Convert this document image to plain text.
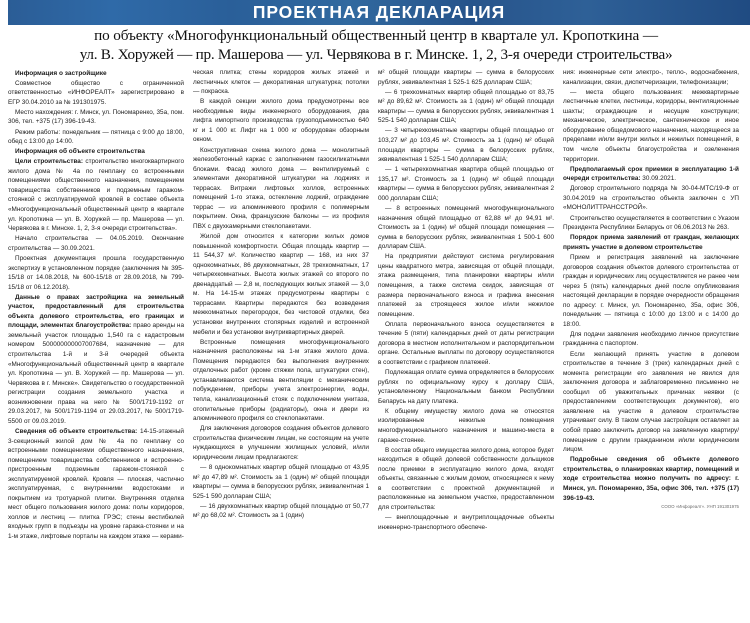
ПРОЕКТНАЯ ДЕКЛАРАЦИЯ
по объекту «Многофункциональный общественный центр в квартале ул. Кропоткина —
ул. В. Хоружей — пр. Машерова — ул. Червякова в г. Минске. 1, 2, 3-я очереди строительства»
Информация о застройщике

Совместное общество с ограниченной ответственностью «ИНФОРЕАЛТ» зарегистрировано в ЕГР 30.04.2010 за № 191301975.

Место нахождения: г. Минск, ул. Пономаренко, 35а, пом. 306, тел. +375 (17) 396-19-43.

Режим работы: понедельник — пятница с 9:00 до 18:00, обед с 13:00 до 14:00.

Информация об объекте строительства

Цели строительства: строительство многоквартирного жилого дома № 4а по генплану со встроенными помещениями общественного назначения, помещением товарищества собственников и подземным гаражом-стоянкой с эксплуатируемой кровлей в составе объекта «Многофункциональный общественный центр в квартале ул. Кропоткина — ул. В. Хоружей — пр. Машерова — ул. Червякова в г. Минске. 1, 2, 3-я очереди строительства».

Начало строительства — 04.05.2019. Окончание строительства — 30.09.2021.

Проектная документация прошла государственную экспертизу в установленном порядке (заключения № 395-15/18 от 14.08.2018, № 600-15/18 от 28.09.2018, № 799-15/18 от 06.12.2018).

Данные о правах застройщика на земельный участок, предоставленный для строительства объекта долевого строительства, его границах и площади, элементах благоустройства: право аренды на земельный участок площадью 1,540 га с кадастровым номером 500000000007007684, назначение — для строительства 1-й и 3-й очередей объекта «Многофункциональный общественный центр в квартале ул. Кропоткина — ул. В. Хоружей — пр. Машерова — ул. Червякова в г. Минске». Свидетельство о государственной регистрации создания земельного участка и возникновении права на него № 500/1719-1192 от 29.03.2017, № 500/1719-1194 от 29.03.2017, № 500/1719-5500 от 09.03.2019.

Сведения об объекте строительства: 14-15-этажный 3-секционный жилой дом № 4а по генплану со встроенными помещениями общественного назначения, помещением товарищества собственников и встроенно-пристроенным подземным гаражом-стоянкой с эксплуатируемой кровлей. Кровля — плоская, частично эксплуатируемая, с внутренними водостоками и покрытием из тротуарной плитки. Внутренняя отделка мест общего пользования жилого дома: полы коридоров, холлов и лестниц — плитка ГРЭС; стены вестибюлей входных групп в подъезды на уровне гаража-стоянки и на 1-м этаже, лифтовые порталы на каждом этаже — керами-

ческая плитка; стены коридоров жилых этажей и лестничных клеток — декоративная штукатурка; потолки — покраска.

В каждой секции жилого дома предусмотрены все необходимые виды инженерного оборудования, два лифта импортного производства грузоподъемностью 640 кг и 1 000 кг. Лифт на 1 000 кг оборудован обзорным окном.

Конструктивная схема жилого дома — монолитный железобетонный каркас с заполнением газосиликатными блоками. Фасад жилого дома — вентилируемый с элементами декоративной штукатурки на лоджиях и террасах. Витражи лифтовых холлов, встроенных помещений 1-го этажа, остекление лоджий, ограждение террас — из алюминиевого профиля с полимерным покрытием. Окна, французские балконы — из профиля ПВХ с двухкамерными стеклопакетами.

Жилой дом относится к категории жилых домов повышенной комфортности. Общая площадь квартир — 11 544,37 м². Количество квартир — 168, из них 37 однокомнатных, 86 двухкомнатных, 28 трехкомнатных, 17 четырехкомнатных. Высота жилых этажей со второго по двенадцатый — 2,8 м, последующих жилых этажей — 3,0 м. На 14-15-м этажах предусмотрены квартиры с террасами. Квартиры передаются без возведения межкомнатных перегородок, без чистовой отделки, без установки внутренних столярных изделий и встроенной мебели и без установки внутриквартирных дверей.

Встроенные помещения многофункционального назначения расположены на 1-м этаже жилого дома. Помещения передаются без выполнения внутренних отделочных работ (кроме стяжки пола, штукатурки стен), устанавливаются система вентиляции с механическим побуждением, приборы учета электроэнергии, воды, тепла, канализационный стояк с подключением унитаза, отопительные приборы (радиаторы), окна и двери из алюминиевого профиля со стеклопакетами.

Для заключения договоров создания объектов долевого строительства физическим лицам, не состоящим на учете нуждающихся в улучшении жилищных условий, и/или юридическим лицам предлагаются:

— 8 однокомнатных квартир общей площадью от 43,95 м² до 47,89 м². Стоимость за 1 (один) м² общей площади квартиры — сумма в белорусских рублях, эквивалентная 1 525-1 590 долларам США;

— 16 двухкомнатных квартир общей площадью от 50,77 м² до 68,02 м². Стоимость за 1 (один)

м² общей площади квартиры — сумма в белорусских рублях, эквивалентная 1 525-1 625 долларам США;

— 6 трехкомнатных квартир общей площадью от 83,75 м² до 89,62 м². Стоимость за 1 (один) м² общей площади квартиры — сумма в белорусских рублях, эквивалентная 1 525-1 540 долларам США;

— 3 четырехкомнатные квартиры общей площадью от 103,27 м² до 103,45 м². Стоимость за 1 (один) м² общей площади квартиры — сумма в белорусских рублях, эквивалентная 1 525-1 540 долларам США;

— 1 четырехкомнатная квартира общей площадью от 135,17 м². Стоимость за 1 (один) м² общей площади квартиры — сумма в белорусских рублях, эквивалентная 2 000 долларам США;

— 8 встроенных помещений многофункционального назначения общей площадью от 62,88 м² до 94,91 м². Стоимость за 1 (один) м² общей площади помещения — сумма в белорусских рублях, эквивалентная 1 500-1 600 долларам США.

На предприятии действуют система регулирования цены квадратного метра, зависящая от общей площади, этажа размещения, типа планировки квартиры и/или помещения, а также система скидок, зависящая от размера первоначального взноса и графика внесения платежей за строящееся жилое и/или нежилое помещение.

Оплата первоначального взноса осуществляется в течение 5 (пяти) календарных дней от даты регистрации договора в местном исполнительном и распорядительном органе. Остальные выплаты по договору осуществляются в соответствии с графиком платежей.

Подлежащая оплате сумма определяется в белорусских рублях по официальному курсу к доллару США, установленному Национальным банком Республики Беларусь на дату платежа.

К общему имуществу жилого дома не относятся изолированные нежилые помещения многофункционального назначения и машино-места в гараже-стоянке.

В состав общего имущества жилого дома, которое будет находиться в общей долевой собственности дольщиков после приемки в эксплуатацию жилого дома, входят объекты, связанные с жилым домом, относящиеся к нему в соответствии с проектной документацией и расположенные на земельном участке, предоставленном для строительства:

— внеплощадочные и внутриплощадочные объекты инженерно-транспортного обеспече-

ния: инженерные сети электро-, тепло-, водоснабжения, канализации, связи, диспетчеризации, телефонизации;

— места общего пользования: межквартирные лестничные клетки, лестницы, коридоры, вентиляционные шахты; ограждающие и несущие конструкции; механическое, электрическое, сантехническое и иное оборудование общедомового назначения, находящееся за пределами и/или внутри жилых и нежилых помещений, в том числе объекты благоустройства и озеленения территории.

Предполагаемый срок приемки в эксплуатацию 1-й очереди строительства: 30.09.2021.

Договор строительного подряда № 30-04-МТС/19-Ф от 30.04.2019 на строительство объекта заключен с УП «МОНОЛИТТРАНССТРОЙ».

Строительство осуществляется в соответствии с Указом Президента Республики Беларусь от 06.06.2013 № 263.

Порядок приема заявлений от граждан, желающих принять участие в долевом строительстве

Прием и регистрация заявлений на заключение договоров создания объектов долевого строительства от граждан и юридических лиц осуществляется не ранее чем через 5 (пять) календарных дней после опубликования настоящей декларации в порядке очередности обращения по адресу: г. Минск, ул. Пономаренко, 35а, офис 306, понедельник — пятница с 10:00 до 13:00 и с 14:00 до 18:00.

Для подачи заявления необходимо личное присутствие гражданина с паспортом.

Если желающий принять участие в долевом строительстве в течение 3 (трех) календарных дней с момента регистрации его заявления не явился для заключения договора и заблаговременно письменно не сообщил об уважительных причинах неявки (с предоставлением соответствующих документов), его заявление на участие в долевом строительстве утрачивает силу. В таком случае застройщик оставляет за собой право заключить договор на заявленную квартиру/помещение с другим гражданином и/или юридическим лицом.

Подробные сведения об объекте долевого строительства, о планировках квартир, помещений и ходе строительства можно получить по адресу: г. Минск, ул. Пономаренко, 35а, офис 306, тел. +375 (17) 396-19-43.

СООО «Инфореалт». УНП 191301975
